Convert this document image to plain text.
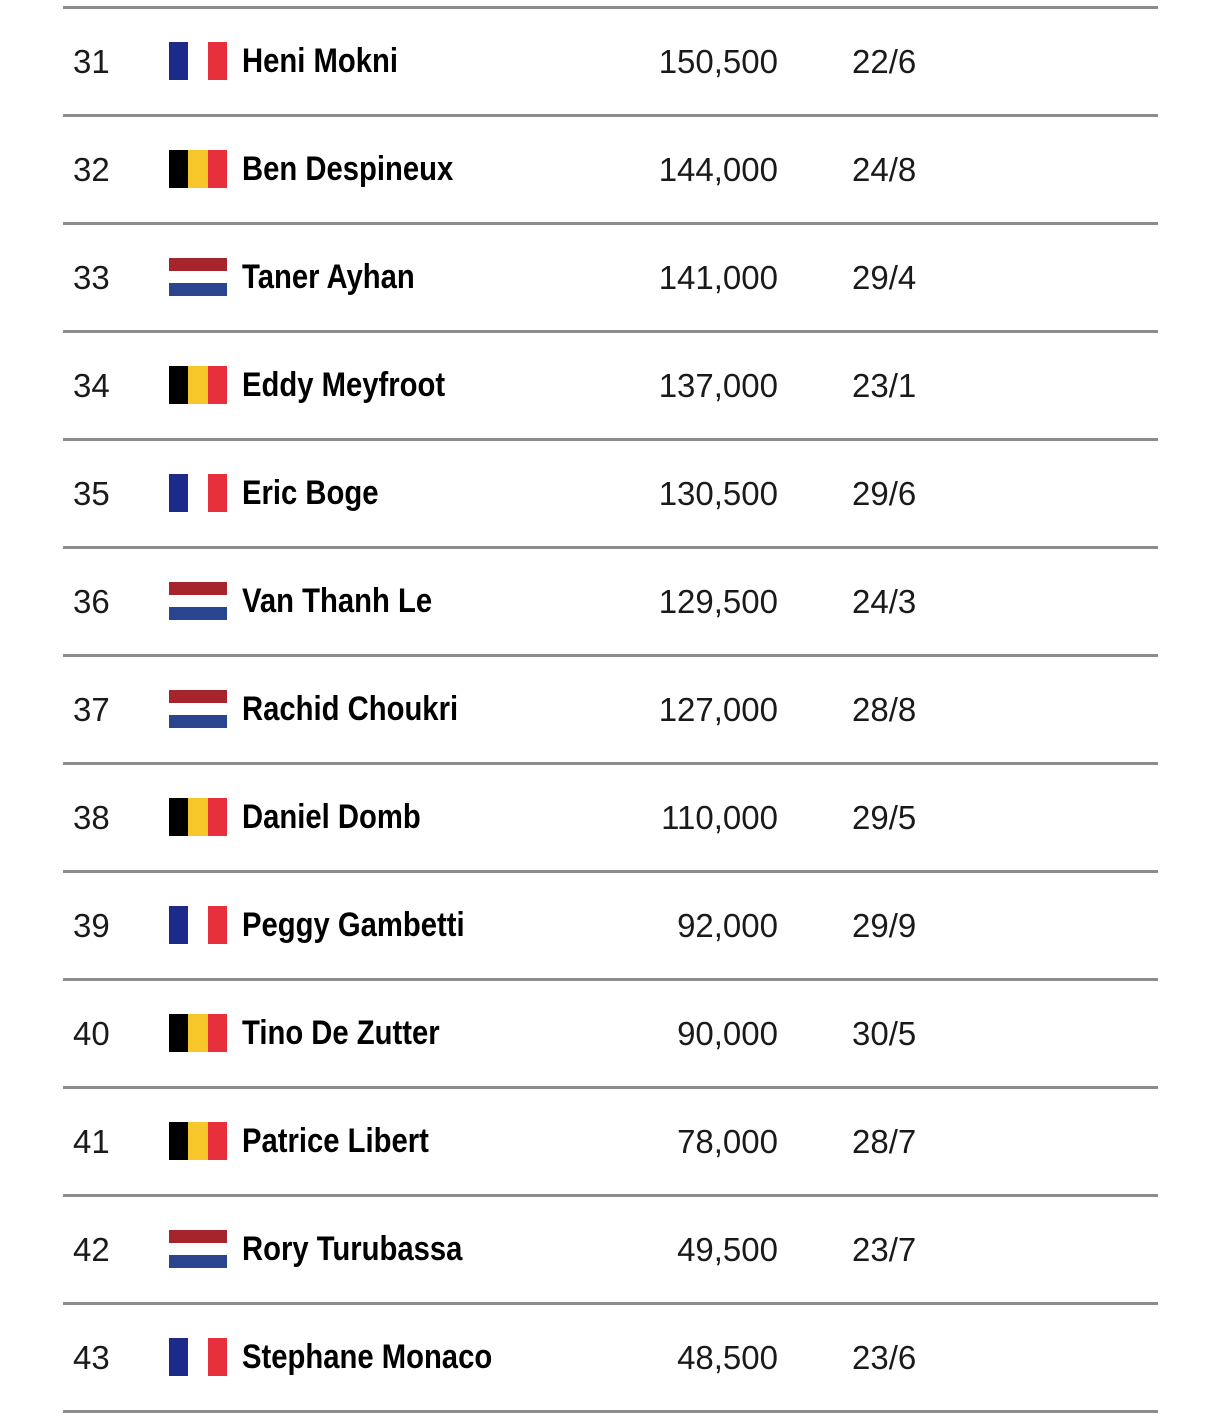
31	Heni Mokni	150,500 22/6
32	Ben Despineux	144,000 24/8
33	Taner Ayhan	141,000 29/4
34	Eddy Meyfroot	137,000 23/1
35	Eric Boge	130,500 29/6
36	Van Thanh Le	129,500 24/3
37	Rachid Choukri	127,000 28/8
38	Daniel Domb	110,000 29/5
39	Peggy Gambetti	92,000 29/9
40	Tino De Zutter	90,000 30/5
41	Patrice Libert	78,000 28/7
42	Rory Turubassa	49,500 23/7
43	Stephane Monaco	48,500 23/6
